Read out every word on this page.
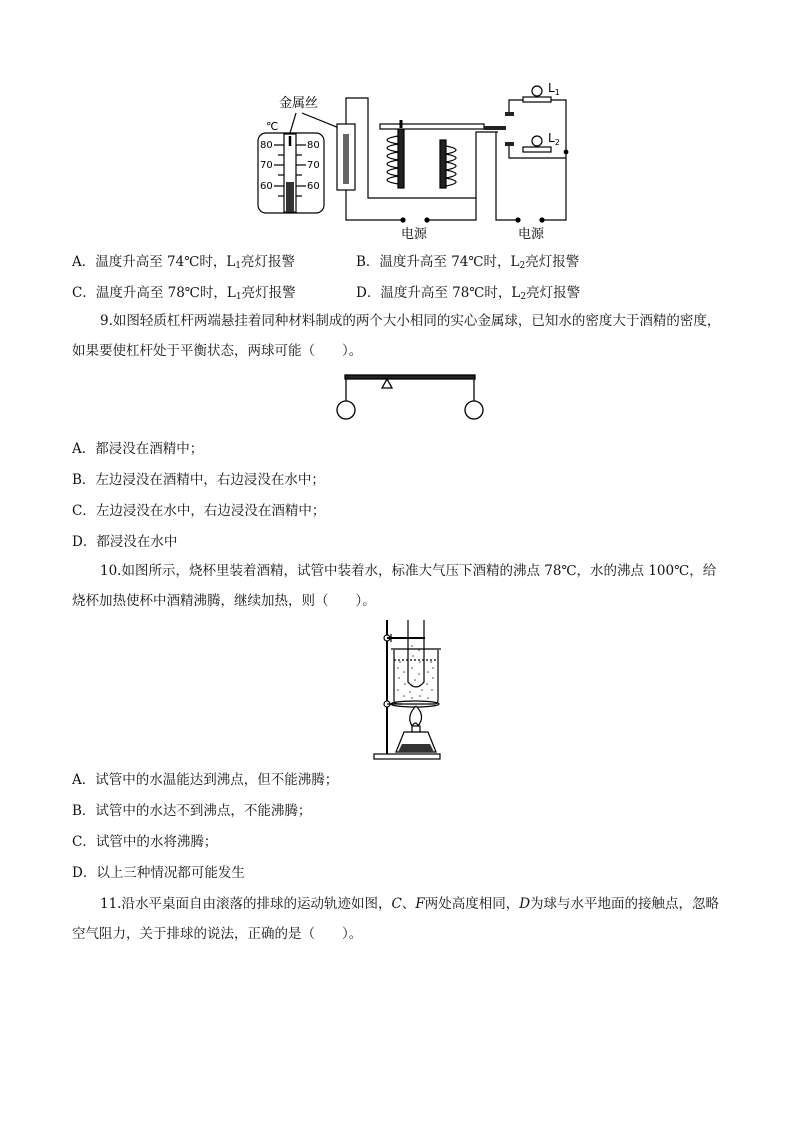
金属丝
℃
80
70
60
80
70
60
电源	电源
$L_1$
$L_2$
A．温度升高至 74℃时，$L_1$亮灯报警	B．温度升高至 74℃时，$L_2$亮灯报警
C．温度升高至 78℃时，$L_1$亮灯报警	D．温度升高至 78℃时，$L_2$亮灯报警
9.如图轻质杠杆两端悬挂着同种材料制成的两个大小相同的实心金属球，已知水的密度大于酒精的密度，如果要使杠杆处于平衡状态，两球可能（　　）。
A．都浸没在酒精中；
B．左边浸没在酒精中，右边浸没在水中；
C．左边浸没在水中，右边浸没在酒精中；
D．都浸没在水中
10.如图所示，烧杯里装着酒精，试管中装着水，标准大气压下酒精的沸点 78℃，水的沸点 100℃，给烧杯加热使杯中酒精沸腾，继续加热，则（　　）。
A．试管中的水温能达到沸点，但不能沸腾；
B．试管中的水达不到沸点，不能沸腾；
C．试管中的水将沸腾；
D．以上三种情况都可能发生
11.沿水平桌面自由滚落的排球的运动轨迹如图，C、F两处高度相同，D为球与水平地面的接触点，忽略空气阻力，关于排球的说法，正确的是（　　）。
